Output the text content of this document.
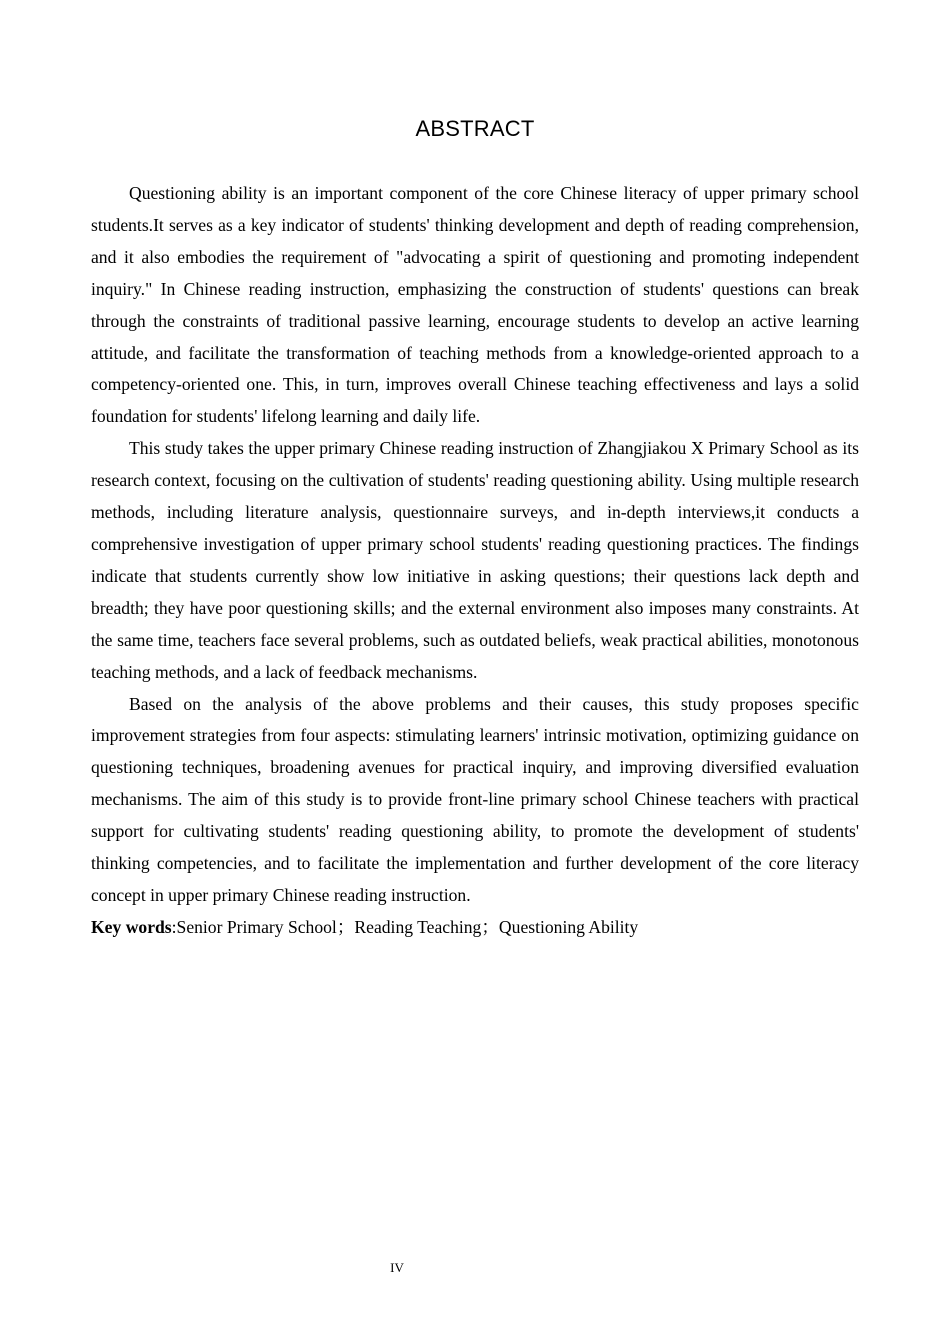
ABSTRACT

Questioning ability is an important component of the core Chinese literacy of upper primary school students.It serves as a key indicator of students' thinking development and depth of reading comprehension, and it also embodies the requirement of "advocating a spirit of questioning and promoting independent inquiry." In Chinese reading instruction, emphasizing the construction of students' questions can break through the constraints of traditional passive learning, encourage students to develop an active learning attitude, and facilitate the transformation of teaching methods from a knowledge-oriented approach to a competency-oriented one. This, in turn, improves overall Chinese teaching effectiveness and lays a solid foundation for students' lifelong learning and daily life.

This study takes the upper primary Chinese reading instruction of Zhangjiakou X Primary School as its research context, focusing on the cultivation of students' reading questioning ability. Using multiple research methods, including literature analysis, questionnaire surveys, and in-depth interviews,it conducts a comprehensive investigation of upper primary school students' reading questioning practices. The findings indicate that students currently show low initiative in asking questions; their questions lack depth and breadth; they have poor questioning skills; and the external environment also imposes many constraints. At the same time, teachers face several problems, such as outdated beliefs, weak practical abilities, monotonous teaching methods, and a lack of feedback mechanisms.

Based on the analysis of the above problems and their causes, this study proposes specific improvement strategies from four aspects: stimulating learners' intrinsic motivation, optimizing guidance on questioning techniques, broadening avenues for practical inquiry, and improving diversified evaluation mechanisms. The aim of this study is to provide front-line primary school Chinese teachers with practical support for cultivating students' reading questioning ability, to promote the development of students' thinking competencies, and to facilitate the implementation and further development of the core literacy concept in upper primary Chinese reading instruction.

Key words:Senior Primary School；Reading Teaching；Questioning Ability

IV
